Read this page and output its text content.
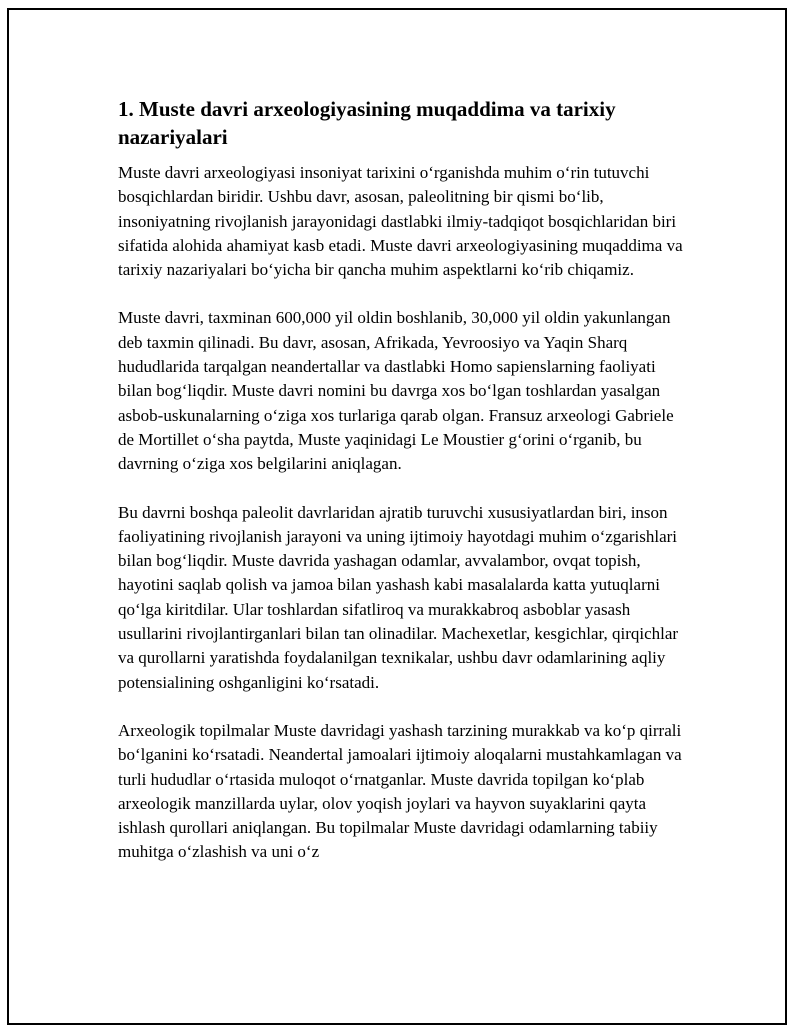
1. Muste davri arxeologiyasining muqaddima va tarixiy nazariyalari

Muste davri arxeologiyasi insoniyat tarixini oʻrganishda muhim oʻrin tutuvchi bosqichlardan biridir. Ushbu davr, asosan, paleolitning bir qismi boʻlib, insoniyatning rivojlanish jarayonidagi dastlabki ilmiy-tadqiqot bosqichlaridan biri sifatida alohida ahamiyat kasb etadi. Muste davri arxeologiyasining muqaddima va tarixiy nazariyalari boʻyicha bir qancha muhim aspektlarni koʻrib chiqamiz.

Muste davri, taxminan 600,000 yil oldin boshlanib, 30,000 yil oldin yakunlangan deb taxmin qilinadi. Bu davr, asosan, Afrikada, Yevroosiyo va Yaqin Sharq hududlarida tarqalgan neandertallar va dastlabki Homo sapienslarning faoliyati bilan bogʻliqdir. Muste davri nomini bu davrga xos boʻlgan toshlardan yasalgan asbob-uskunalarning oʻziga xos turlariga qarab olgan. Fransuz arxeologi Gabriele de Mortillet oʻsha paytda, Muste yaqinidagi Le Moustier gʻorini oʻrganib, bu davrning oʻziga xos belgilarini aniqlagan.

Bu davrni boshqa paleolit davrlaridan ajratib turuvchi xususiyatlardan biri, inson faoliyatining rivojlanish jarayoni va uning ijtimoiy hayotdagi muhim oʻzgarishlari bilan bogʻliqdir. Muste davrida yashagan odamlar, avvalambor, ovqat topish, hayotini saqlab qolish va jamoa bilan yashash kabi masalalarda katta yutuqlarni qoʻlga kiritdilar. Ular toshlardan sifatliroq va murakkabroq asboblar yasash usullarini rivojlantirganlari bilan tan olinadilar. Machexetlar, kesgichlar, qirqichlar va qurollarni yaratishda foydalanilgan texnikalar, ushbu davr odamlarining aqliy potensialining oshganligini koʻrsatadi.

Arxeologik topilmalar Muste davridagi yashash tarzining murakkab va koʻp qirrali boʻlganini koʻrsatadi. Neandertal jamoalari ijtimoiy aloqalarni mustahkamlagan va turli hududlar oʻrtasida muloqot oʻrnatganlar. Muste davrida topilgan koʻplab arxeologik manzillarda uylar, olov yoqish joylari va hayvon suyaklarini qayta ishlash qurollari aniqlangan. Bu topilmalar Muste davridagi odamlarning tabiiy muhitga oʻzlashish va uni oʻz
